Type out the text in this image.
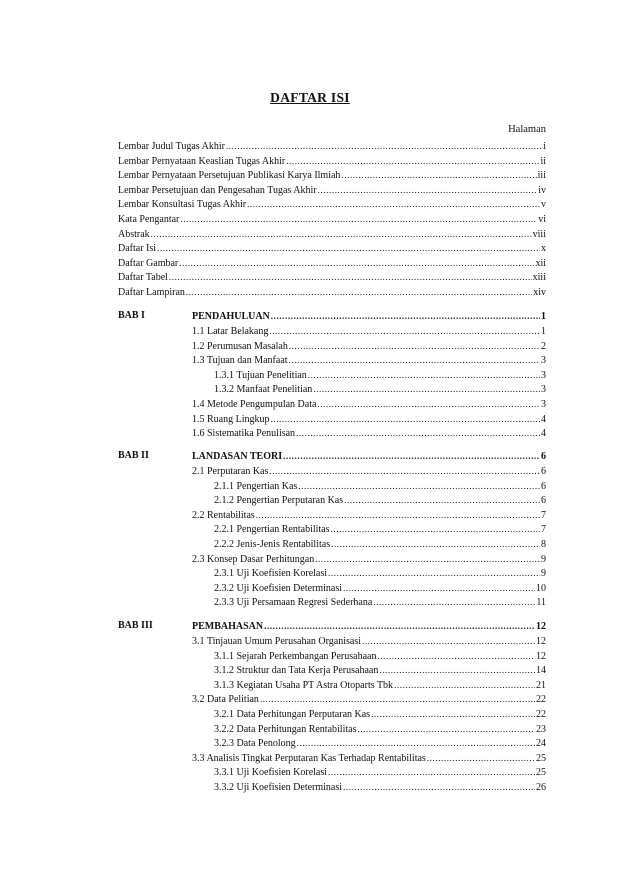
DAFTAR ISI
Halaman
Lembar Judul Tugas Akhir .....	i
Lembar Pernyataan Keaslian Tugas Akhir .....	ii
Lembar Pernyataan Persetujuan Publikasi Karya Ilmiah .....	iii
Lembar Persetujuan dan Pengesahan Tugas Akhir .....	iv
Lembar Konsultasi Tugas Akhir .....	v
Kata Pengantar .....	vi
Abstrak .....	viii
Daftar Isi .....	x
Daftar Gambar .....	xii
Daftar Tabel .....	xiii
Daftar Lampiran .....	xiv
BAB I	PENDAHULUAN .....	1
1.1 Latar Belakang .....	1
1.2 Perumusan Masalah .....	2
1.3 Tujuan dan Manfaat .....	3
1.3.1 Tujuan Penelitian .....	3
1.3.2 Manfaat Penelitian .....	3
1.4 Metode Pengumpulan Data .....	3
1.5 Ruang Lingkup .....	4
1.6 Sistematika Penulisan .....	4
BAB II	LANDASAN TEORI .....	6
2.1 Perputaran Kas .....	6
2.1.1 Pengertian Kas .....	6
2.1.2 Pengertian Perputaran Kas .....	6
2.2 Rentabilitas .....	7
2.2.1 Pengertian Rentabilitas .....	7
2.2.2 Jenis-Jenis Rentabilitas .....	8
2.3 Konsep Dasar Perhitungan .....	9
2.3.1 Uji Koefisien Korelasi .....	9
2.3.2 Uji Koefisien Determinasi .....	10
2.3.3 Uji Persamaan Regresi Sederhana .....	11
BAB III	PEMBAHASAN .....	12
3.1 Tinjauan Umum Perusahan Organisasi .....	12
3.1.1 Sejarah Perkembangan Perusahaan .....	12
3.1.2 Struktur dan Tata Kerja Perusahaan .....	14
3.1.3 Kegiatan Usaha PT Astra Otoparts Tbk .....	21
3.2 Data Pelitian .....	22
3.2.1 Data Perhitungan Perputaran Kas .....	22
3.2.2 Data Perhitungan Rentabilitas .....	23
3.2.3 Data Penolong .....	24
3.3 Analisis Tingkat Perputaran Kas Terhadap Rentabilitas .....	25
3.3.1 Uji Koefisien Korelasi .....	25
3.3.2 Uji Koefisien Determinasi .....	26
